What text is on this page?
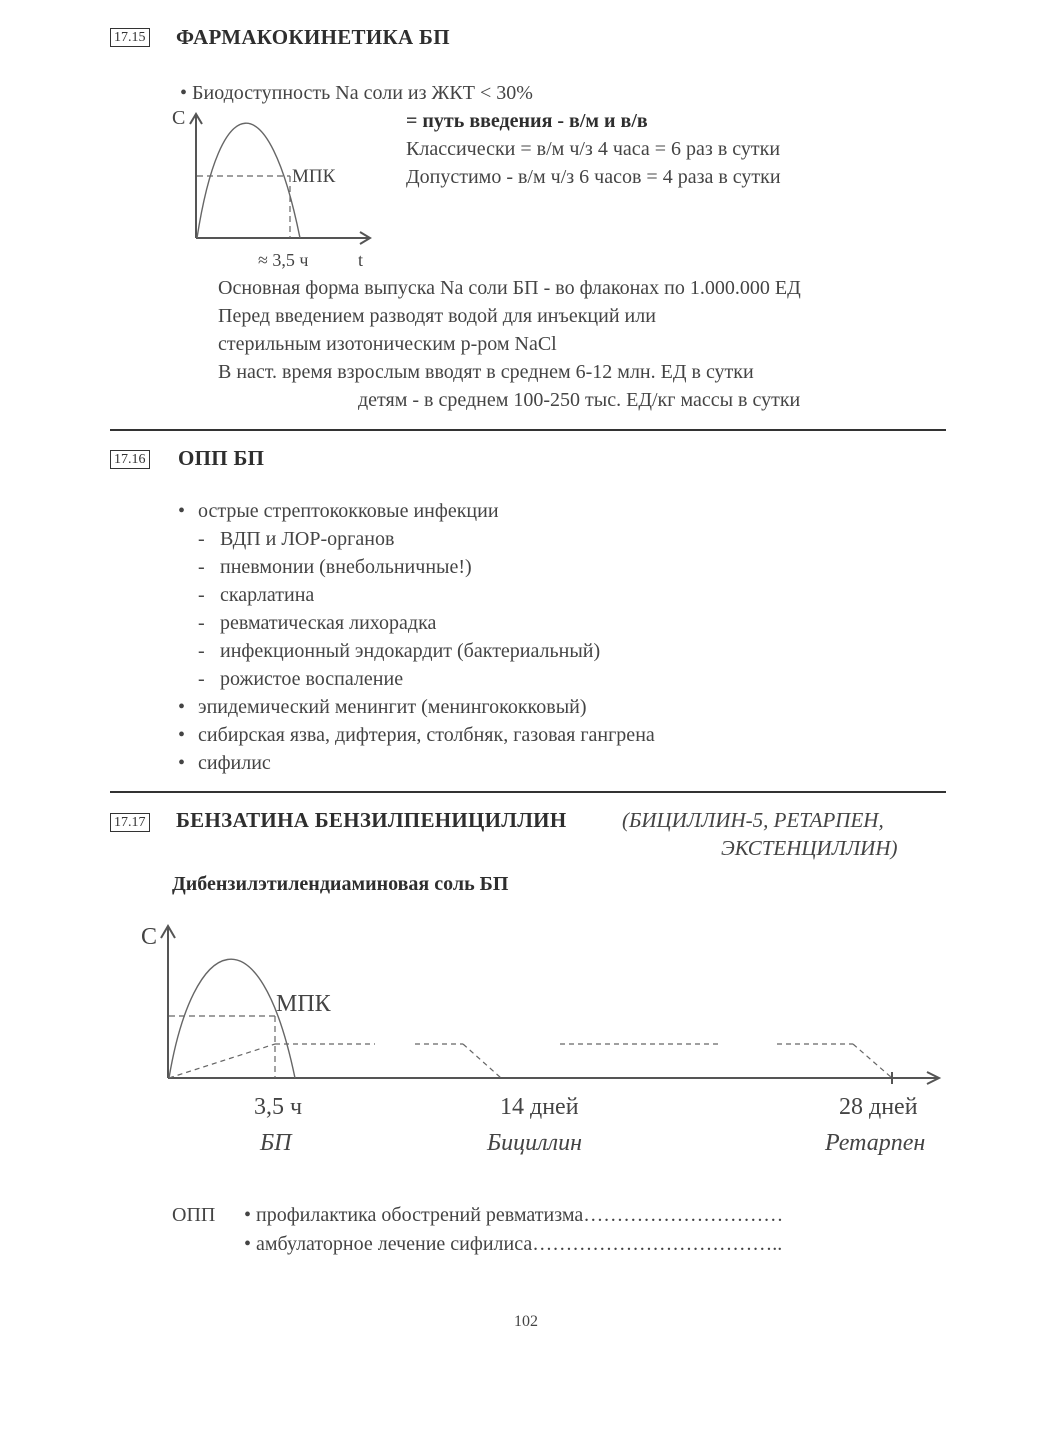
17.15 ФАРМАКОКИНЕТИКА БП
• Биодоступность Na соли из ЖКТ < 30%
= путь введения - в/м и в/в
Классически = в/м ч/з 4 часа = 6 раз в сутки
Допустимо - в/м ч/з 6 часов = 4 раза в сутки
C
МПК
≈ 3,5 ч	t
Основная форма выпуска Na соли БП - во флаконах по 1.000.000 ЕД
Перед введением разводят водой для инъекций или
стерильным изотоническим р-ром NaCl
В наст. время взрослым вводят в среднем 6-12 млн. ЕД в сутки
детям - в среднем 100-250 тыс. ЕД/кг массы в сутки
17.16 ОПП БП
• острые стрептококковые инфекции
- ВДП и ЛОР-органов
- пневмонии (внебольничные!)
- скарлатина
- ревматическая лихорадка
- инфекционный эндокардит (бактериальный)
- рожистое воспаление
• эпидемический менингит (менингококковый)
• сибирская язва, дифтерия, столбняк, газовая гангрена
• сифилис
17.17 БЕНЗАТИНА БЕНЗИЛПЕНИЦИЛЛИН	(БИЦИЛЛИН-5, РЕТАРПЕН,
ЭКСТЕНЦИЛЛИН)
Дибензилэтилендиаминовая соль БП
C
МПК
3,5 ч	14 дней	28 дней
БП	Бициллин	Ретарпен
ОПП • профилактика обострений ревматизма…………………………
• амбулаторное лечение сифилиса………………………………..
102
